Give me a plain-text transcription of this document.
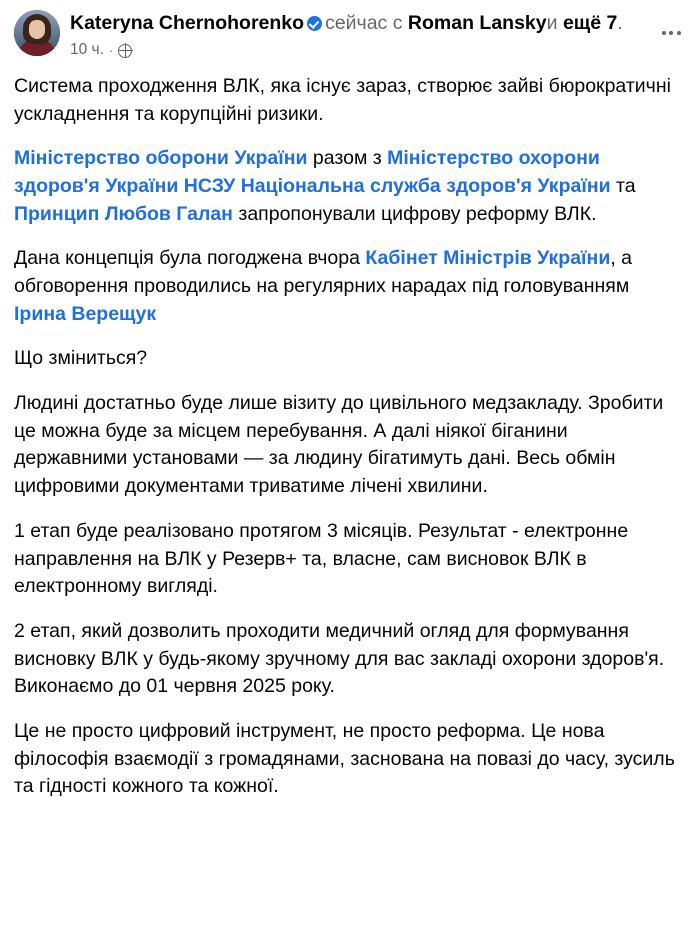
Kateryna Chernohorenko сейчас с Roman Lanskyи ещё 7.
10 ч. ·

Система проходження ВЛК, яка існує зараз, створює зайві бюрократичні ускладнення та корупційні ризики.

Міністерство оборони України разом з Міністерство охорони здоров'я України НСЗУ Національна служба здоров'я України та Принцип Любов Галан запропонували цифрову реформу ВЛК.

Дана концепція була погоджена вчора Кабінет Міністрів України, а обговорення проводились на регулярних нарадах під головуванням Ірина Верещук

Що зміниться?

Людині достатньо буде лише візиту до цивільного медзакладу. Зробити це можна буде за місцем перебування. А далі ніякої біганини державними установами — за людину бігатимуть дані. Весь обмін цифровими документами триватиме лічені хвилини.

1 етап буде реалізовано протягом 3 місяців. Результат - електронне направлення на ВЛК у Резерв+ та, власне, сам висновок ВЛК в електронному вигляді.

2 етап, який дозволить проходити медичний огляд для формування висновку ВЛК у будь-якому зручному для вас закладі охорони здоров'я. Виконаємо до 01 червня 2025 року.

Це не просто цифровий інструмент, не просто реформа. Це нова філософія взаємодії з громадянами, заснована на повазі до часу, зусиль та гідності кожного та кожної.
